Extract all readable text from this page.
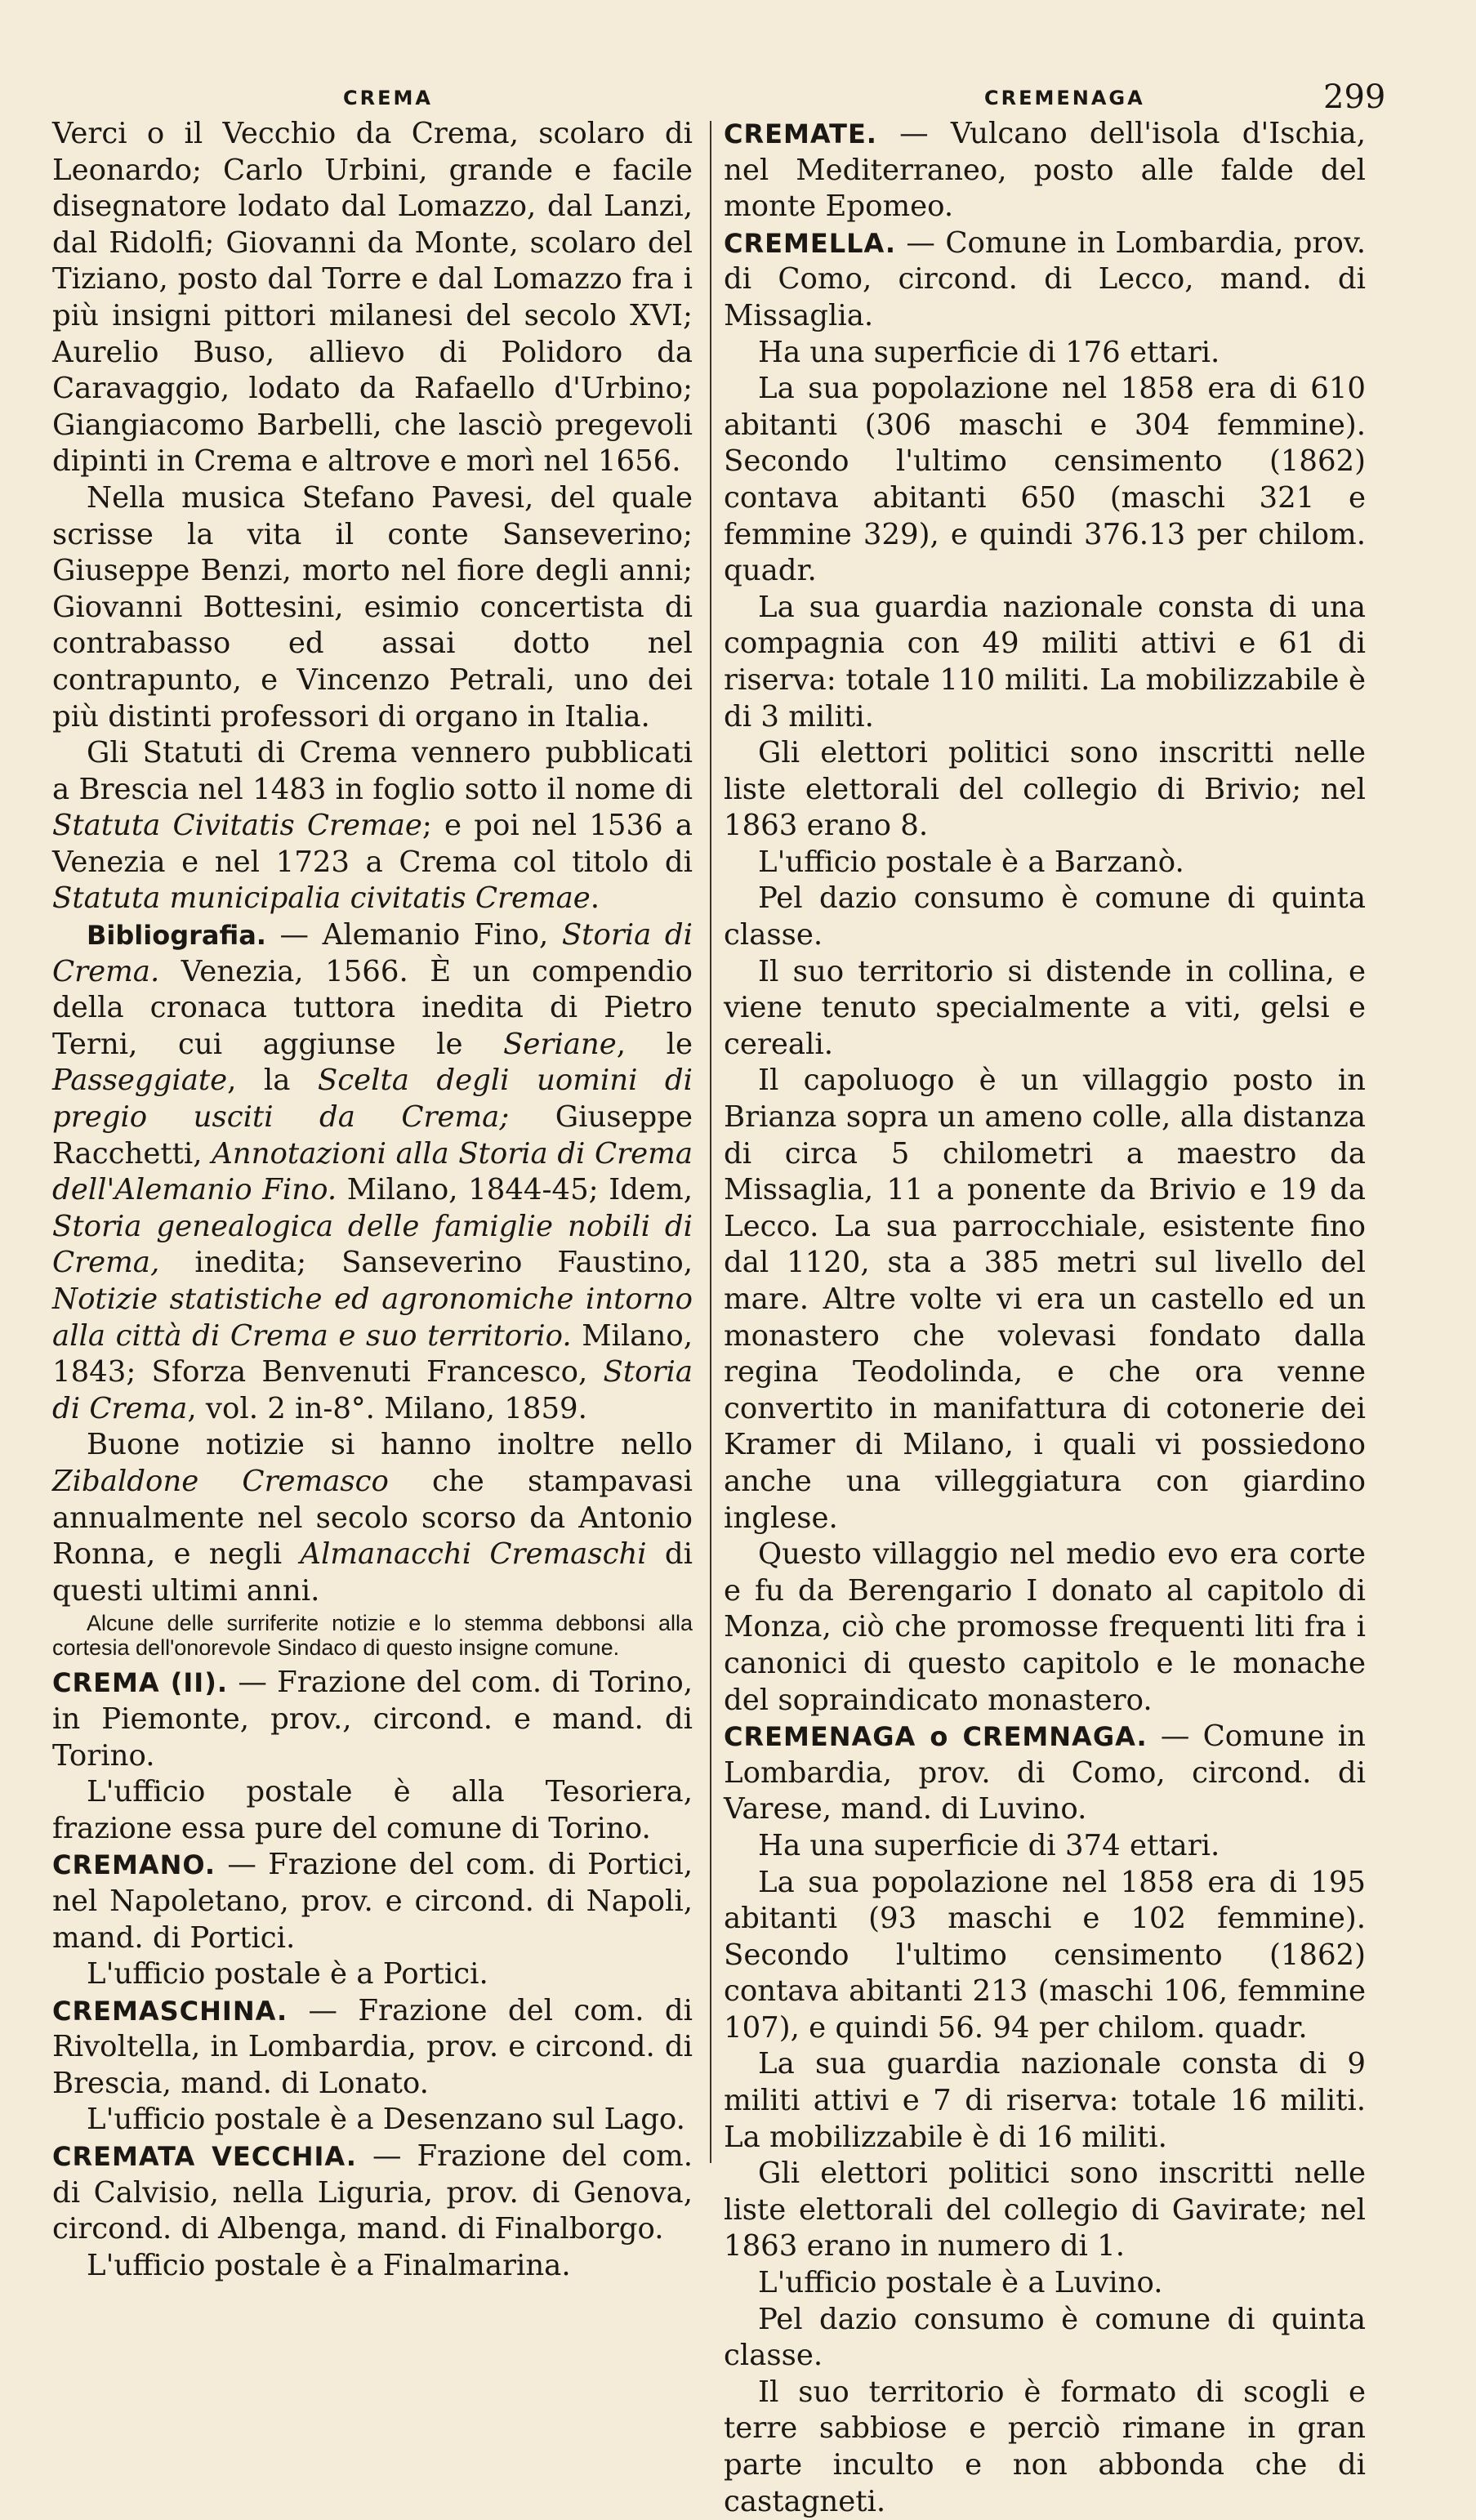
CREMA	CREMENAGA	299

Verci o il Vecchio da Crema, scolaro di Leonardo; Carlo Urbini, grande e facile disegnatore lodato dal Lomazzo, dal Lanzi, dal Ridolfi; Giovanni da Monte, scolaro del Tiziano, posto dal Torre e dal Lomazzo fra i più insigni pittori milanesi del secolo XVI; Aurelio Buso, allievo di Polidoro da Caravaggio, lodato da Rafaello d'Urbino; Giangiacomo Barbelli, che lasciò pregevoli dipinti in Crema e altrove e morì nel 1656.

Nella musica Stefano Pavesi, del quale scrisse la vita il conte Sanseverino; Giuseppe Benzi, morto nel fiore degli anni; Giovanni Bottesini, esimio concertista di contrabasso ed assai dotto nel contrapunto, e Vincenzo Petrali, uno dei più distinti professori di organo in Italia.

Gli Statuti di Crema vennero pubblicati a Brescia nel 1483 in foglio sotto il nome di Statuta Civitatis Cremae; e poi nel 1536 a Venezia e nel 1723 a Crema col titolo di Statuta municipalia civitatis Cremae.

Bibliografia. — Alemanio Fino, Storia di Crema. Venezia, 1566. È un compendio della cronaca tuttora inedita di Pietro Terni, cui aggiunse le Seriane, le Passeggiate, la Scelta degli uomini di pregio usciti da Crema; Giuseppe Racchetti, Annotazioni alla Storia di Crema dell'Alemanio Fino. Milano, 1844-45; Idem, Storia genealogica delle famiglie nobili di Crema, inedita; Sanseverino Faustino, Notizie statistiche ed agronomiche intorno alla città di Crema e suo territorio. Milano, 1843; Sforza Benvenuti Francesco, Storia di Crema, vol. 2 in-8°. Milano, 1859.

Buone notizie si hanno inoltre nello Zibaldone Cremasco che stampavasi annualmente nel secolo scorso da Antonio Ronna, e negli Almanacchi Cremaschi di questi ultimi anni.

Alcune delle surriferite notizie e lo stemma debbonsi alla cortesia dell'onorevole Sindaco di questo insigne comune.

CREMA (II). — Frazione del com. di Torino, in Piemonte, prov., circond. e mand. di Torino.

L'ufficio postale è alla Tesoriera, frazione essa pure del comune di Torino.

CREMANO. — Frazione del com. di Portici, nel Napoletano, prov. e circond. di Napoli, mand. di Portici.

L'ufficio postale è a Portici.

CREMASCHINA. — Frazione del com. di Rivoltella, in Lombardia, prov. e circond. di Brescia, mand. di Lonato.

L'ufficio postale è a Desenzano sul Lago.

CREMATA VECCHIA. — Frazione del com. di Calvisio, nella Liguria, prov. di Genova, circond. di Albenga, mand. di Finalborgo.

L'ufficio postale è a Finalmarina.

CREMATE. — Vulcano dell'isola d'Ischia, nel Mediterraneo, posto alle falde del monte Epomeo.

CREMELLA. — Comune in Lombardia, prov. di Como, circond. di Lecco, mand. di Missaglia.

Ha una superficie di 176 ettari.

La sua popolazione nel 1858 era di 610 abitanti (306 maschi e 304 femmine). Secondo l'ultimo censimento (1862) contava abitanti 650 (maschi 321 e femmine 329), e quindi 376.13 per chilom. quadr.

La sua guardia nazionale consta di una compagnia con 49 militi attivi e 61 di riserva: totale 110 militi. La mobilizzabile è di 3 militi.

Gli elettori politici sono inscritti nelle liste elettorali del collegio di Brivio; nel 1863 erano 8.

L'ufficio postale è a Barzanò.

Pel dazio consumo è comune di quinta classe.

Il suo territorio si distende in collina, e viene tenuto specialmente a viti, gelsi e cereali.

Il capoluogo è un villaggio posto in Brianza sopra un ameno colle, alla distanza di circa 5 chilometri a maestro da Missaglia, 11 a ponente da Brivio e 19 da Lecco. La sua parrocchiale, esistente fino dal 1120, sta a 385 metri sul livello del mare. Altre volte vi era un castello ed un monastero che volevasi fondato dalla regina Teodolinda, e che ora venne convertito in manifattura di cotonerie dei Kramer di Milano, i quali vi possiedono anche una villeggiatura con giardino inglese.

Questo villaggio nel medio evo era corte e fu da Berengario I donato al capitolo di Monza, ciò che promosse frequenti liti fra i canonici di questo capitolo e le monache del sopraindicato monastero.

CREMENAGA o CREMNAGA. — Comune in Lombardia, prov. di Como, circond. di Varese, mand. di Luvino.

Ha una superficie di 374 ettari.

La sua popolazione nel 1858 era di 195 abitanti (93 maschi e 102 femmine). Secondo l'ultimo censimento (1862) contava abitanti 213 (maschi 106, femmine 107), e quindi 56. 94 per chilom. quadr.

La sua guardia nazionale consta di 9 militi attivi e 7 di riserva: totale 16 militi. La mobilizzabile è di 16 militi.

Gli elettori politici sono inscritti nelle liste elettorali del collegio di Gavirate; nel 1863 erano in numero di 1.

L'ufficio postale è a Luvino.

Pel dazio consumo è comune di quinta classe.

Il suo territorio è formato di scogli e terre sabbiose e perciò rimane in gran parte inculto e non abbonda che di castagneti.
